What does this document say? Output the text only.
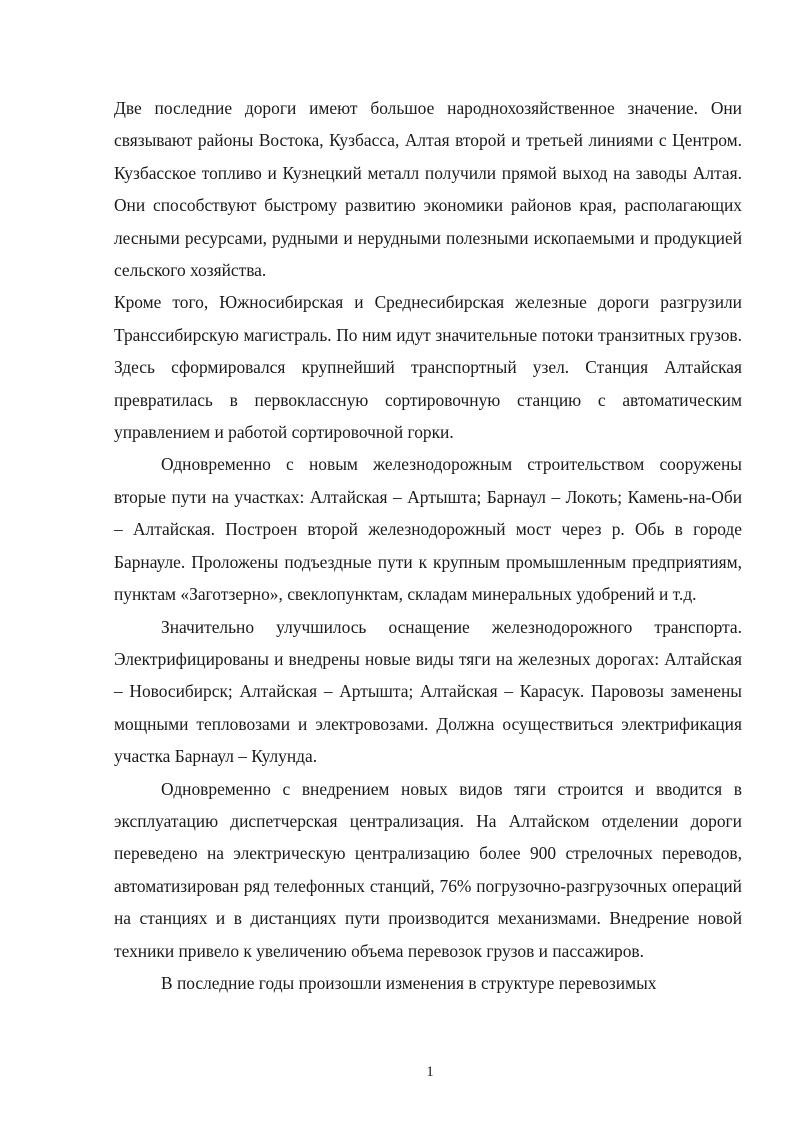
Две последние дороги имеют большое народнохозяйственное значение. Они связывают районы Востока, Кузбасса, Алтая второй и третьей линиями с Центром. Кузбасское топливо и Кузнецкий металл получили прямой выход на заводы Алтая. Они способствуют быстрому развитию экономики районов края, располагающих лесными ресурсами, рудными и нерудными полезными ископаемыми и продукцией сельского хозяйства.

Кроме того, Южносибирская и Среднесибирская железные дороги разгрузили Транссибирскую магистраль. По ним идут значительные потоки транзитных грузов. Здесь сформировался крупнейший транспортный узел. Станция Алтайская превратилась в первоклассную сортировочную станцию с автоматическим управлением и работой сортировочной горки.

Одновременно с новым железнодорожным строительством сооружены вторые пути на участках: Алтайская – Артышта; Барнаул – Локоть; Камень-на-Оби – Алтайская. Построен второй железнодорожный мост через р. Обь в городе Барнауле. Проложены подъездные пути к крупным промышленным предприятиям, пунктам «Заготзерно», свеклопунктам, складам минеральных удобрений и т.д.

Значительно улучшилось оснащение железнодорожного транспорта. Электрифицированы и внедрены новые виды тяги на железных дорогах: Алтайская – Новосибирск; Алтайская – Артышта; Алтайская – Карасук. Паровозы заменены мощными тепловозами и электровозами. Должна осуществиться электрификация участка Барнаул – Кулунда.

Одновременно с внедрением новых видов тяги строится и вводится в эксплуатацию диспетчерская централизация. На Алтайском отделении дороги переведено на электрическую централизацию более 900 стрелочных переводов, автоматизирован ряд телефонных станций, 76% погрузочно-разгрузочных операций на станциях и в дистанциях пути производится механизмами. Внедрение новой техники привело к увеличению объема перевозок грузов и пассажиров.

В последние годы произошли изменения в структуре перевозимых

1
